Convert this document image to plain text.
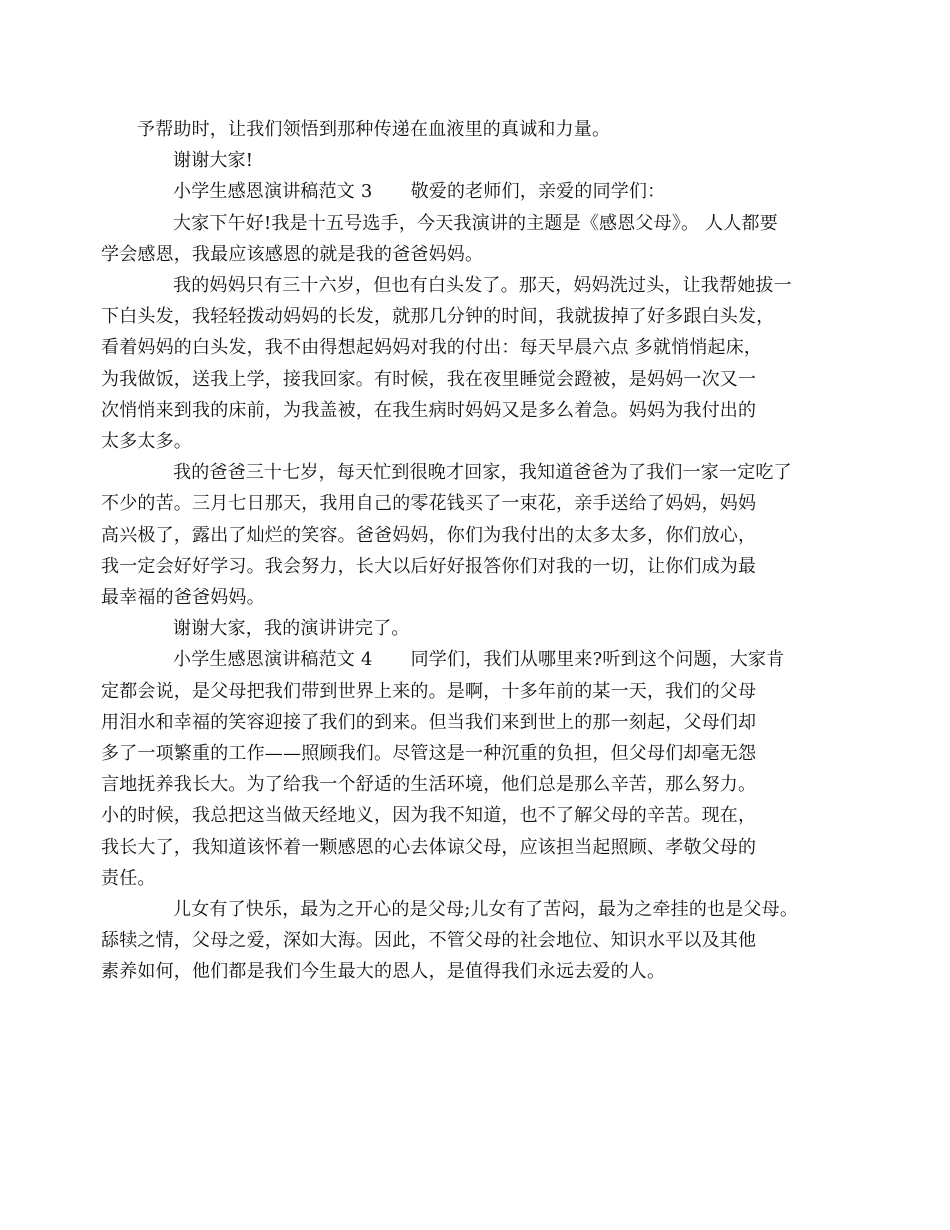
予帮助时，让我们领悟到那种传递在血液里的真诚和力量。

谢谢大家!

小学生感恩演讲稿范文 3 敬爱的老师们，亲爱的同学们：

大家下午好!我是十五号选手，今天我演讲的主题是《感恩父母》。 人人都要
学会感恩，我最应该感恩的就是我的爸爸妈妈。

我的妈妈只有三十六岁，但也有白头发了。那天，妈妈洗过头，让我帮她拔一
下白头发，我轻轻拨动妈妈的长发，就那几分钟的时间，我就拔掉了好多跟白头发，
看着妈妈的白头发，我不由得想起妈妈对我的付出：每天早晨六点 多就悄悄起床，
为我做饭，送我上学，接我回家。有时候，我在夜里睡觉会蹬被，是妈妈一次又一
次悄悄来到我的床前，为我盖被，在我生病时妈妈又是多么着急。妈妈为我付出的
太多太多。

我的爸爸三十七岁，每天忙到很晚才回家，我知道爸爸为了我们一家一定吃了
不少的苦。三月七日那天，我用自己的零花钱买了一束花，亲手送给了妈妈，妈妈
高兴极了，露出了灿烂的笑容。爸爸妈妈，你们为我付出的太多太多，你们放心，
我一定会好好学习。我会努力，长大以后好好报答你们对我的一切，让你们成为最
最幸福的爸爸妈妈。

谢谢大家，我的演讲讲完了。

小学生感恩演讲稿范文 4 同学们，我们从哪里来?听到这个问题，大家肯
定都会说，是父母把我们带到世界上来的。是啊，十多年前的某一天，我们的父母
用泪水和幸福的笑容迎接了我们的到来。但当我们来到世上的那一刻起，父母们却
多了一项繁重的工作——照顾我们。尽管这是一种沉重的负担，但父母们却毫无怨
言地抚养我长大。为了给我一个舒适的生活环境，他们总是那么辛苦，那么努力。
小的时候，我总把这当做天经地义，因为我不知道，也不了解父母的辛苦。现在，
我长大了，我知道该怀着一颗感恩的心去体谅父母，应该担当起照顾、孝敬父母的
责任。

儿女有了快乐，最为之开心的是父母;儿女有了苦闷，最为之牵挂的也是父母。
舔犊之情，父母之爱，深如大海。因此，不管父母的社会地位、知识水平以及其他
素养如何，他们都是我们今生最大的恩人，是值得我们永远去爱的人。
